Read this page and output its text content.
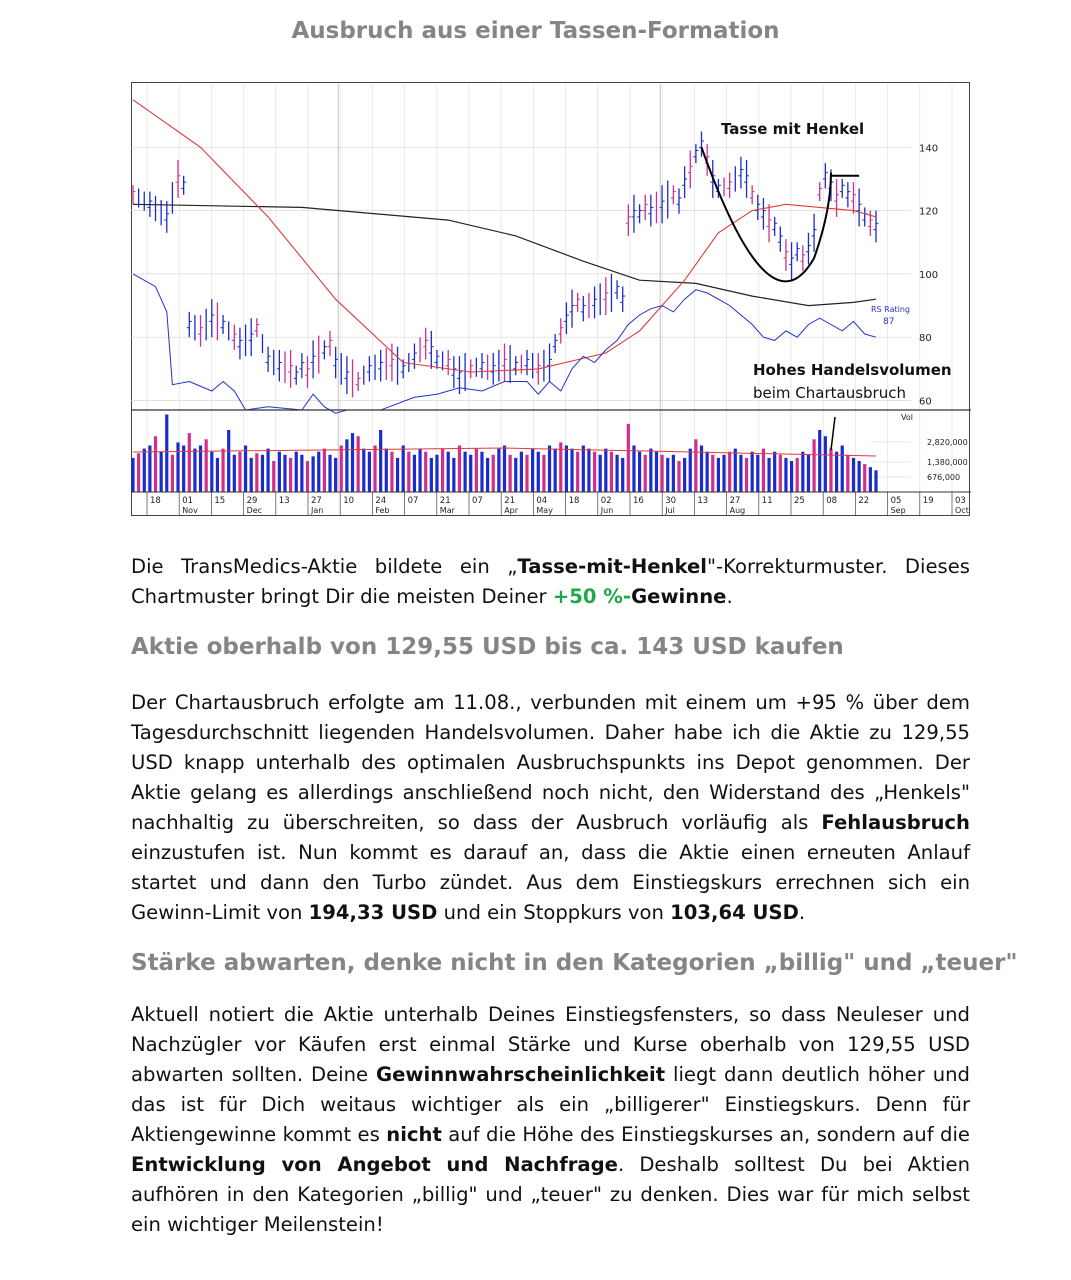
Ausbruch aus einer Tassen-Formation
60
80
100
120
140
18	01	15	29	13	27	10	24	07	21	07	21	04	18	02	16	30	13	27	11	25	08	22	05	19	03
Nov	Dec	Jan	Feb	Mar	Apr May	Jun	Jul	Aug	Sep	Oct
2,820,000
1,380,000
676,000
Vol
Tasse mit Henkel
Hohes Handelsvolumen
beim Chartausbruch
RS Rating
87

Die TransMedics-Aktie bildete ein „Tasse-mit-Henkel"-Korrekturmuster. Dieses Chartmuster bringt Dir die meisten Deiner +50 %-Gewinne.

Aktie oberhalb von 129,55 USD bis ca. 143 USD kaufen

Der Chartausbruch erfolgte am 11.08., verbunden mit einem um +95 % über dem Tagesdurchschnitt liegenden Handelsvolumen. Daher habe ich die Aktie zu 129,55 USD knapp unterhalb des optimalen Ausbruchspunkts ins Depot genommen. Der Aktie gelang es allerdings anschließend noch nicht, den Widerstand des „Henkels" nachhaltig zu überschreiten, so dass der Ausbruch vorläufig als Fehlausbruch einzustufen ist. Nun kommt es darauf an, dass die Aktie einen erneuten Anlauf startet und dann den Turbo zündet. Aus dem Einstiegskurs errechnen sich ein Gewinn-Limit von 194,33 USD und ein Stoppkurs von 103,64 USD.

Stärke abwarten, denke nicht in den Kategorien „billig" und „teuer"

Aktuell notiert die Aktie unterhalb Deines Einstiegsfensters, so dass Neuleser und Nachzügler vor Käufen erst einmal Stärke und Kurse oberhalb von 129,55 USD abwarten sollten. Deine Gewinnwahrscheinlichkeit liegt dann deutlich höher und das ist für Dich weitaus wichtiger als ein „billigerer" Einstiegskurs. Denn für Aktiengewinne kommt es nicht auf die Höhe des Einstiegskurses an, sondern auf die Entwicklung von Angebot und Nachfrage. Deshalb solltest Du bei Aktien aufhören in den Kategorien „billig" und „teuer" zu denken. Dies war für mich selbst ein wichtiger Meilenstein!
